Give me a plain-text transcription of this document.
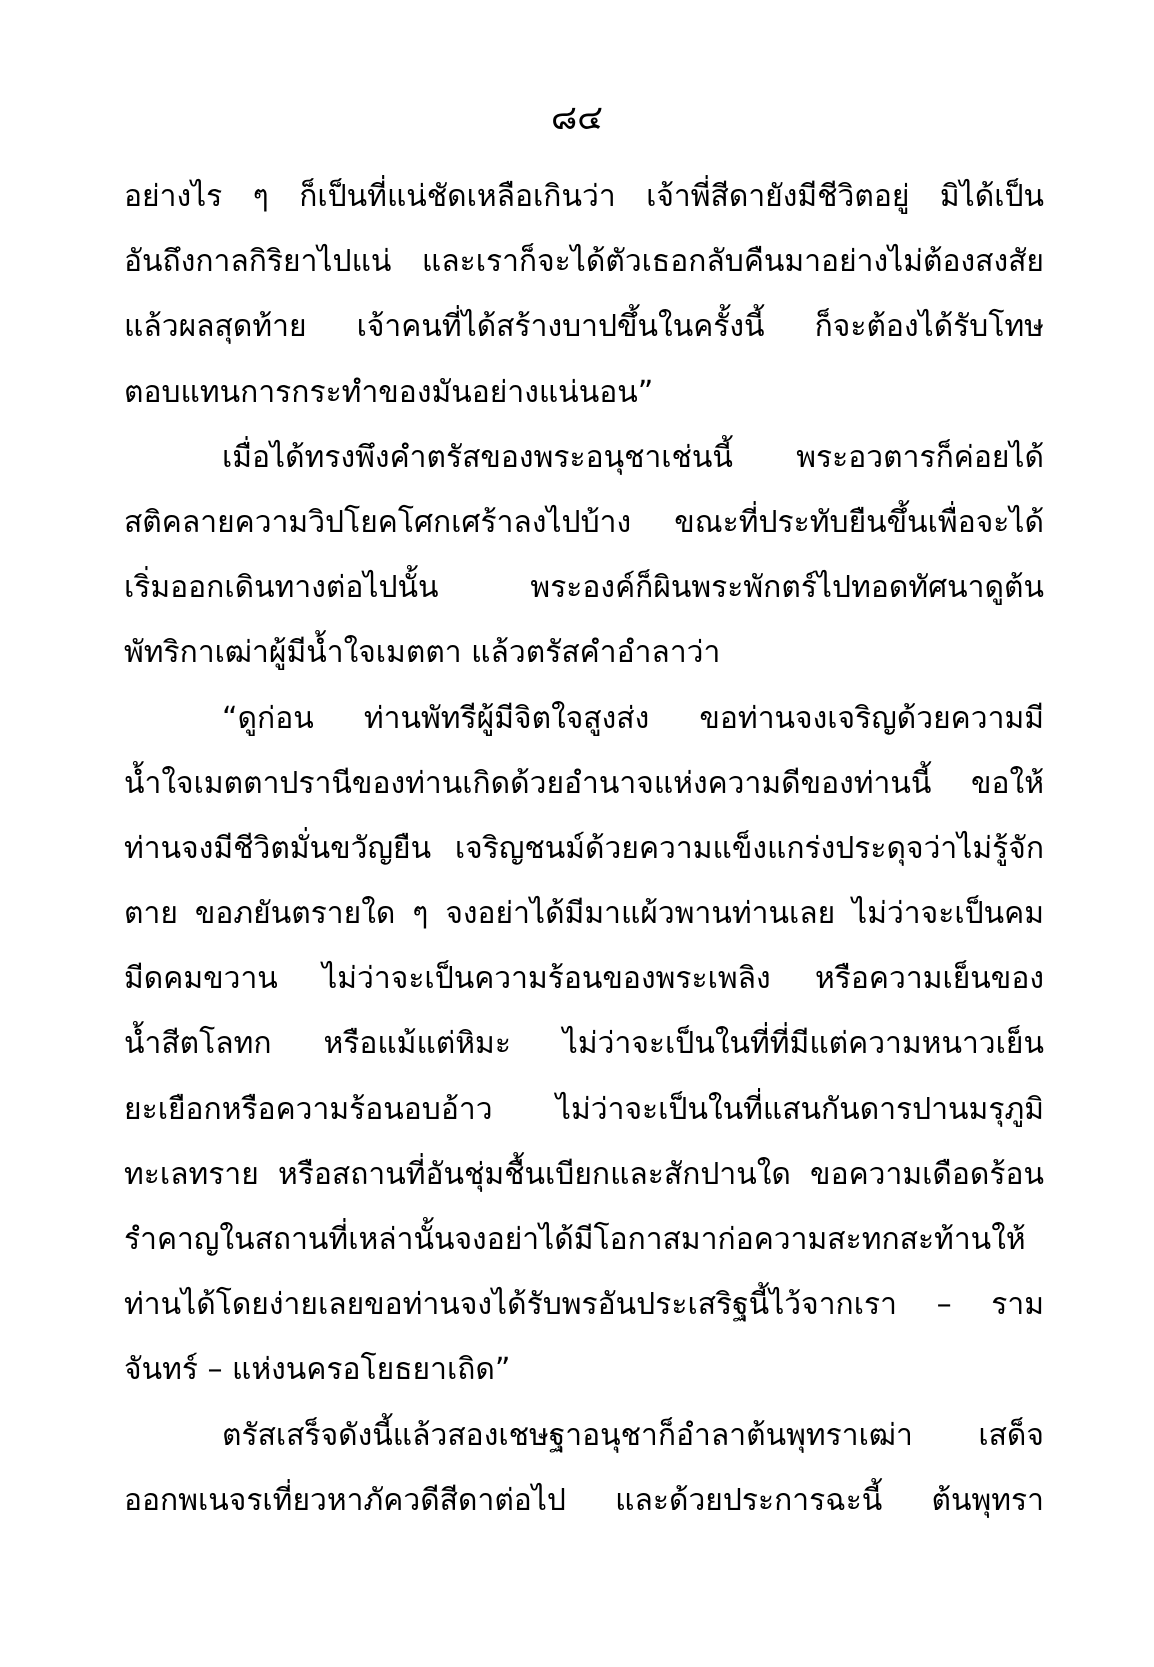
๘๔
อย่างไร ๆ ก็เป็นที่แน่ชัดเหลือเกินว่า เจ้าพี่สีดายังมีชีวิตอยู่ มิได้เป็น
อันถึงกาลกิริยาไปแน่ และเราก็จะได้ตัวเธอกลับคืนมาอย่างไม่ต้องสงสัย
แล้วผลสุดท้าย เจ้าคนที่ได้สร้างบาปขึ้นในครั้งนี้ ก็จะต้องได้รับโทษ
ตอบแทนการกระทำของมันอย่างแน่นอน”
เมื่อได้ทรงพึงคำตรัสของพระอนุชาเช่นนี้ พระอวตารก็ค่อยได้
สติคลายความวิปโยคโศกเศร้าลงไปบ้าง ขณะที่ประทับยืนขึ้นเพื่อจะได้
เริ่มออกเดินทางต่อไปนั้น พระองค์ก็ผินพระพักตร์ไปทอดทัศนาดูต้น
พัทริกาเฒ่าผู้มีน้ำใจเมตตา แล้วตรัสคำอำลาว่า
“ดูก่อน ท่านพัทรีผู้มีจิตใจสูงส่ง ขอท่านจงเจริญด้วยความมี
น้ำใจเมตตาปรานีของท่านเกิดด้วยอำนาจแห่งความดีของท่านนี้ ขอให้
ท่านจงมีชีวิตมั่นขวัญยืน เจริญชนม์ด้วยความแข็งแกร่งประดุจว่าไม่รู้จัก
ตาย ขอภยันตรายใด ๆ จงอย่าได้มีมาแผ้วพานท่านเลย ไม่ว่าจะเป็นคม
มีดคมขวาน ไม่ว่าจะเป็นความร้อนของพระเพลิง หรือความเย็นของ
น้ำสีตโลทก หรือแม้แต่หิมะ ไม่ว่าจะเป็นในที่ที่มีแต่ความหนาวเย็น
ยะเยือกหรือความร้อนอบอ้าว ไม่ว่าจะเป็นในที่แสนกันดารปานมรุภูมิ
ทะเลทราย หรือสถานที่อันชุ่มชื้นเบียกและสักปานใด ขอความเดือดร้อน
รำคาญในสถานที่เหล่านั้นจงอย่าได้มีโอกาสมาก่อความสะทกสะท้านให้
ท่านได้โดยง่ายเลยขอท่านจงได้รับพรอันประเสริฐนี้ไว้จากเรา – ราม
จันทร์ – แห่งนครอโยธยาเถิด”
ตรัสเสร็จดังนี้แล้วสองเชษฐาอนุชาก็อำลาต้นพุทราเฒ่า เสด็จ
ออกพเนจรเที่ยวหาภัควดีสีดาต่อไป และด้วยประการฉะนี้ ต้นพุทรา
